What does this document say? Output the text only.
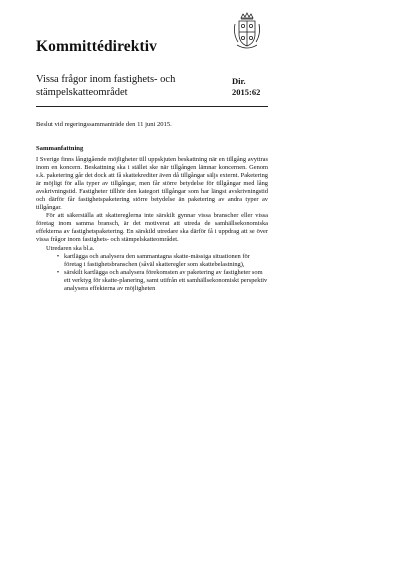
Kommittédirektiv
Vissa frågor inom fastighets- och stämpelskatteområdet
Dir.
2015:62
Beslut vid regeringssammanträde den 11 juni 2015.
Sammanfattning

I Sverige finns långtgående möjligheter till uppskjuten beskattning när en tillgång avyttras inom en koncern. Beskattning ska i stället ske när tillgången lämnar koncernen. Genom s.k. paketering går det dock att få skattekrediter även då tillgångar säljs externt. Paketering är möjligt för alla typer av tillgångar, men får större betydelse för tillgångar med lång avskrivningstid. Fastigheter tillhör den kategori tillgångar som har längst avskrivningstid och därför får fastighetspaketering större betydelse än paketering av andra typer av tillgångar.

För att säkerställa att skattereglerna inte särskilt gynnar vissa branscher eller vissa företag inom samma bransch, är det motiverat att utreda de samhällsekonomiska effekterna av fastighetspaketering. En särskild utredare ska därför få i uppdrag att se över vissa frågor inom fastighets- och stämpelskatteområdet.

Utredaren ska bl.a.

•
kartlägga och analysera den sammantagna skatte-mässiga situationen för företag i fastighetsbranschen (såväl skatteregler som skattebelastning),
•
särskilt kartlägga och analysera förekomsten av paketering av fastigheter som ett verktyg för skatte-planering, samt utifrån ett samhällsekonomiskt perspektiv analysera effekterna av möjligheten
